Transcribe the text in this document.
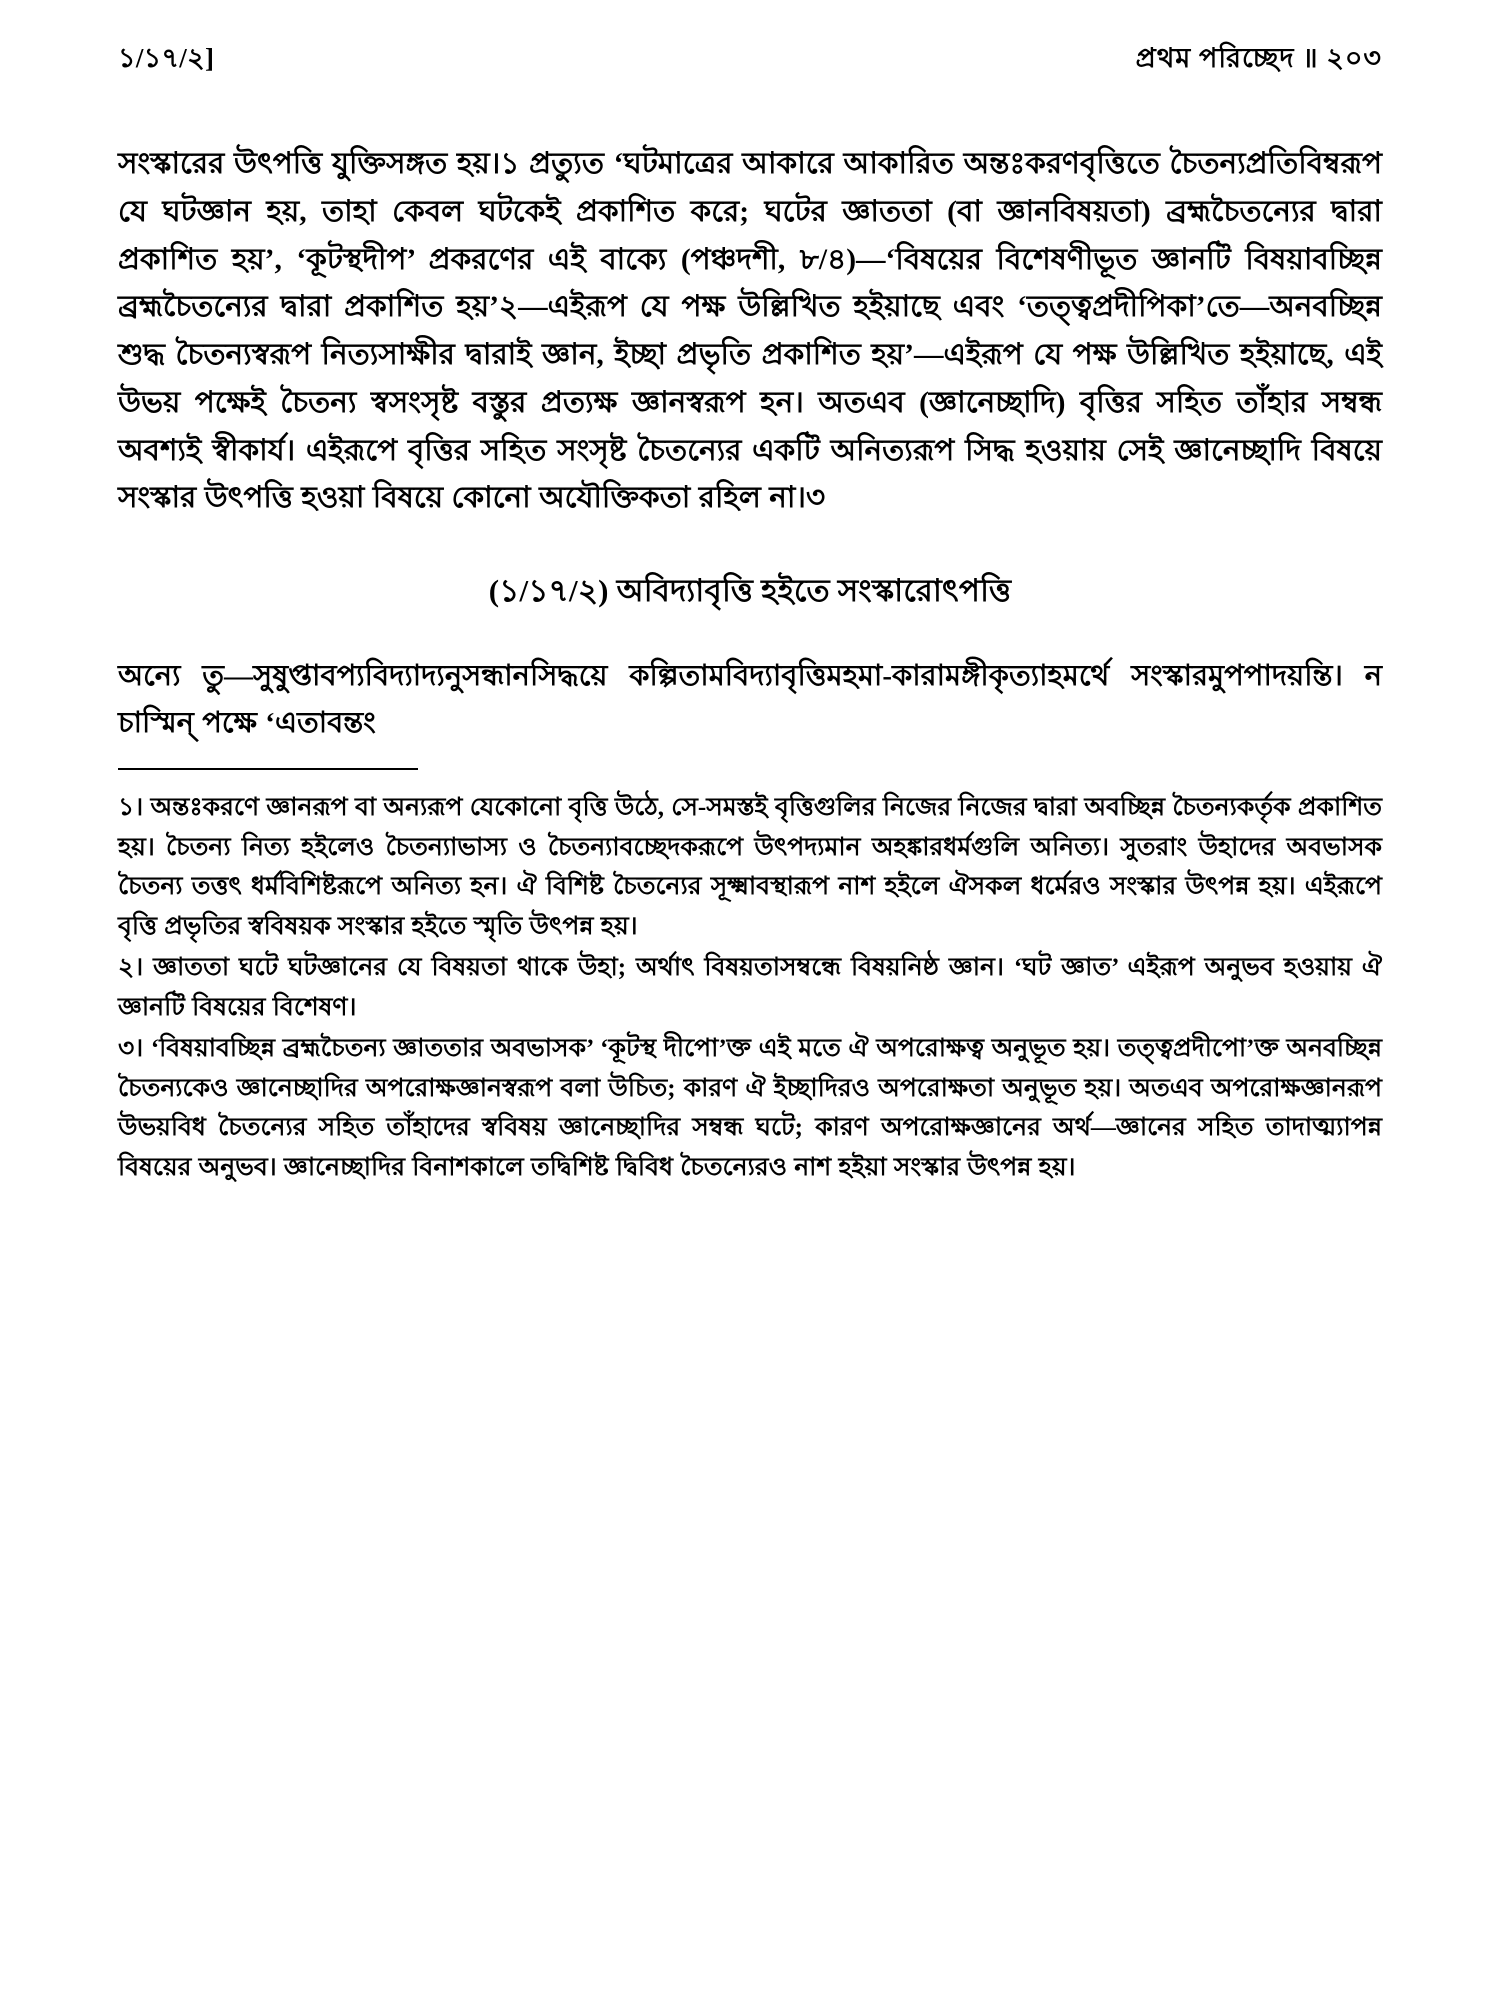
১/১৭/২]	প্রথম পরিচ্ছেদ ॥ ২০৩

সংস্কারের উৎপত্তি যুক্তিসঙ্গত হয়।১ প্রত্যুত ‘ঘটমাত্রের আকারে আকারিত অন্তঃকরণবৃত্তিতে চৈতন্যপ্রতিবিম্বরূপ যে ঘটজ্ঞান হয়, তাহা কেবল ঘটকেই প্রকাশিত করে; ঘটের জ্ঞাততা (বা জ্ঞানবিষয়তা) ব্রহ্মচৈতন্যের দ্বারা প্রকাশিত হয়’, ‘কূটস্থদীপ’ প্রকরণের এই বাক্যে (পঞ্চদশী, ৮/৪)—‘বিষয়ের বিশেষণীভূত জ্ঞানটি বিষয়াবচ্ছিন্ন ব্রহ্মচৈতন্যের দ্বারা প্রকাশিত হয়’২—এইরূপ যে পক্ষ উল্লিখিত হইয়াছে এবং ‘তত্ত্বপ্রদীপিকা’তে—অনবচ্ছিন্ন শুদ্ধ চৈতন্যস্বরূপ নিত্যসাক্ষীর দ্বারাই জ্ঞান, ইচ্ছা প্রভৃতি প্রকাশিত হয়’—এইরূপ যে পক্ষ উল্লিখিত হইয়াছে, এই উভয় পক্ষেই চৈতন্য স্বসংসৃষ্ট বস্তুর প্রত্যক্ষ জ্ঞানস্বরূপ হন। অতএব (জ্ঞানেচ্ছাদি) বৃত্তির সহিত তাঁহার সম্বন্ধ অবশ্যই স্বীকার্য। এইরূপে বৃত্তির সহিত সংসৃষ্ট চৈতন্যের একটি অনিত্যরূপ সিদ্ধ হওয়ায় সেই জ্ঞানেচ্ছাদি বিষয়ে সংস্কার উৎপত্তি হওয়া বিষয়ে কোনো অযৌক্তিকতা রহিল না।৩

(১/১৭/২) অবিদ্যাবৃত্তি হইতে সংস্কারোৎপত্তি
অন্যে তু—সুষুপ্তাবপ্যবিদ্যাদ্যনুসন্ধানসিদ্ধয়ে কল্পিতামবিদ্যাবৃত্তিমহমা-কারামঙ্গীকৃত্যাহমর্থে সংস্কারমুপপাদয়ন্তি। ন চাস্মিন্ পক্ষে ‘এতাবন্তং

১। অন্তঃকরণে জ্ঞানরূপ বা অন্যরূপ যেকোনো বৃত্তি উঠে, সে-সমস্তই বৃত্তিগুলির নিজের নিজের দ্বারা অবচ্ছিন্ন চৈতন্যকর্তৃক প্রকাশিত হয়। চৈতন্য নিত্য হইলেও চৈতন্যাভাস্য ও চৈতন্যাবচ্ছেদকরূপে উৎপদ্যমান অহঙ্কারধর্মগুলি অনিত্য। সুতরাং উহাদের অবভাসক চৈতন্য তত্তৎ ধর্মবিশিষ্টরূপে অনিত্য হন। ঐ বিশিষ্ট চৈতন্যের সূক্ষ্মাবস্থারূপ নাশ হইলে ঐসকল ধর্মেরও সংস্কার উৎপন্ন হয়। এইরূপে বৃত্তি প্রভৃতির স্ববিষয়ক সংস্কার হইতে স্মৃতি উৎপন্ন হয়।

২। জ্ঞাততা ঘটে ঘটজ্ঞানের যে বিষয়তা থাকে উহা; অর্থাৎ বিষয়তাসম্বন্ধে বিষয়নিষ্ঠ জ্ঞান। ‘ঘট জ্ঞাত’ এইরূপ অনুভব হওয়ায় ঐ জ্ঞানটি বিষয়ের বিশেষণ।

৩। ‘বিষয়াবচ্ছিন্ন ব্রহ্মচৈতন্য জ্ঞাততার অবভাসক’ ‘কূটস্থ দীপো’ক্ত এই মতে ঐ অপরোক্ষত্ব অনুভূত হয়। তত্ত্বপ্রদীপো’ক্ত অনবচ্ছিন্ন চৈতন্যকেও জ্ঞানেচ্ছাদির অপরোক্ষজ্ঞানস্বরূপ বলা উচিত; কারণ ঐ ইচ্ছাদিরও অপরোক্ষতা অনুভূত হয়। অতএব অপরোক্ষজ্ঞানরূপ উভয়বিধ চৈতন্যের সহিত তাঁহাদের স্ববিষয় জ্ঞানেচ্ছাদির সম্বন্ধ ঘটে; কারণ অপরোক্ষজ্ঞানের অর্থ—জ্ঞানের সহিত তাদাত্ম্যাপন্ন বিষয়ের অনুভব। জ্ঞানেচ্ছাদির বিনাশকালে তদ্বিশিষ্ট দ্বিবিধ চৈতন্যেরও নাশ হইয়া সংস্কার উৎপন্ন হয়।
